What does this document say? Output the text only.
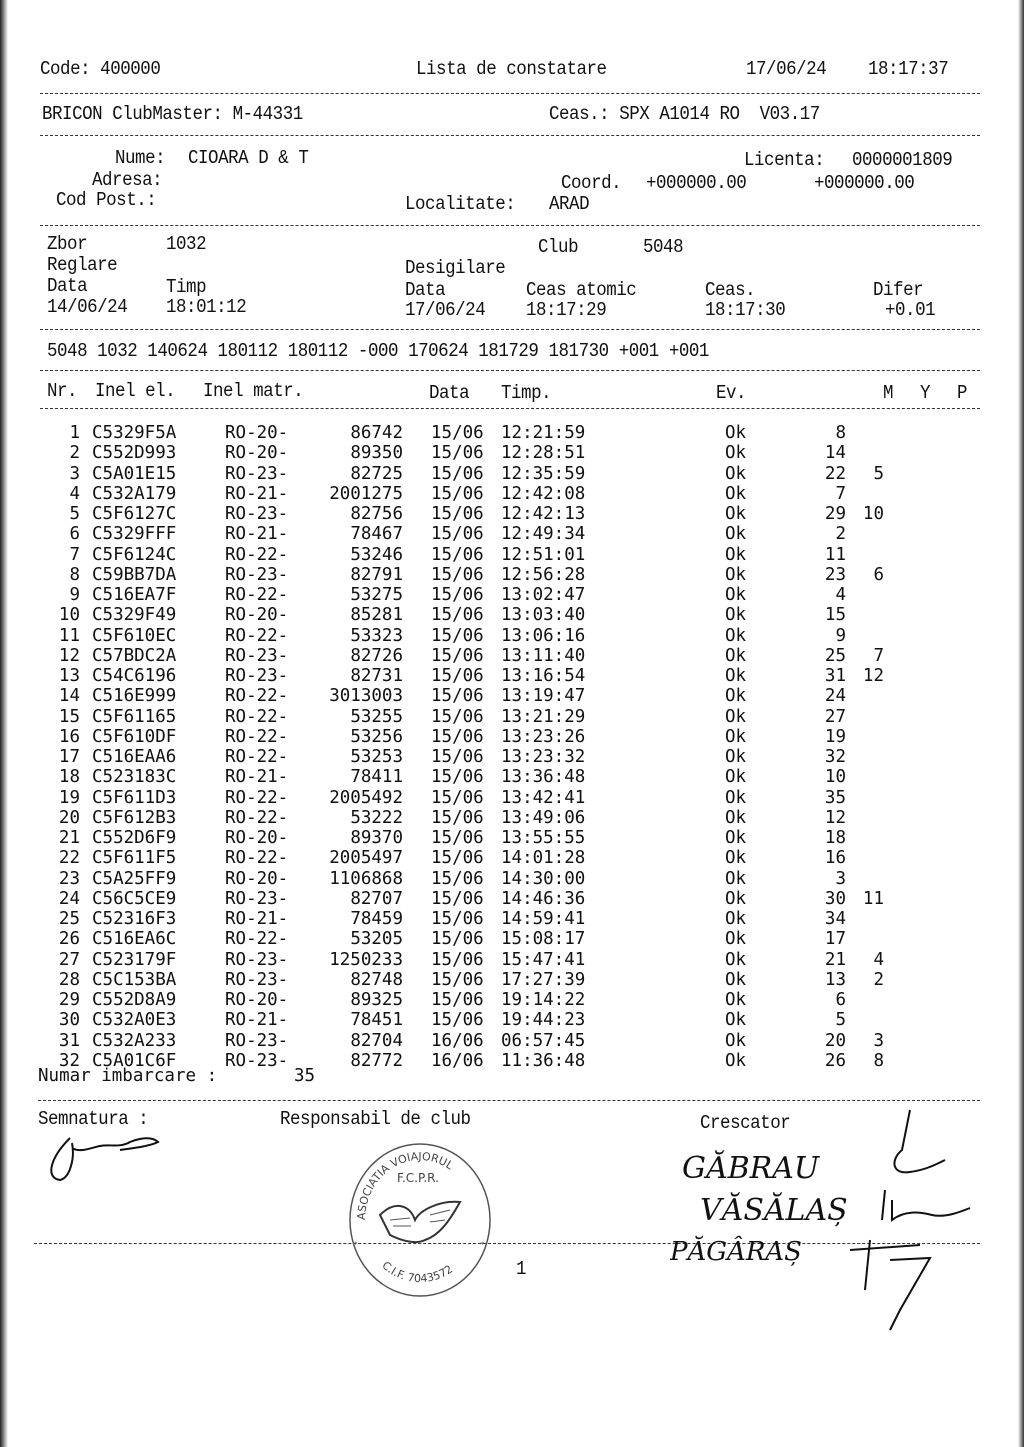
Code: 400000	Lista de constatare	17/06/24 18:17:37
BRICON ClubMaster: M-44331	Ceas.: SPX A1014 RO  V03.17
Nume: CIOARA D & T	Licenta: 0000001809
Adresa:	Coord. +000000.00	+000000.00
Cod Post.:	Localitate: ARAD
Zbor	1032	Club	5048
Reglare	Desigilare
Data	Timp	Data	Ceas atomic	Ceas.	Difer
14/06/24 18:01:12	17/06/24 18:17:29	18:17:30	+0.01
5048 1032 140624 180112 180112 -000 170624 181729 181730 +001 +001
Nr. Inel el. Inel matr.	Data Timp.	Ev.	M Y P
1 C5329F5A	RO-20-	86742 15/06 12:21:59	Ok	8
2 C552D993	RO-20-	89350 15/06 12:28:51	Ok	14
3 C5A01E15	RO-23-	82725 15/06 12:35:59	Ok	22	5
4 C532A179	RO-21-	2001275 15/06 12:42:08	Ok	7
5 C5F6127C	RO-23-	82756 15/06 12:42:13	Ok	29 10
6 C5329FFF	RO-21-	78467 15/06 12:49:34	Ok	2
7 C5F6124C	RO-22-	53246 15/06 12:51:01	Ok	11
8 C59BB7DA	RO-23-	82791 15/06 12:56:28	Ok	23	6
9 C516EA7F	RO-22-	53275 15/06 13:02:47	Ok	4
10 C5329F49	RO-20-	85281 15/06 13:03:40	Ok	15
11 C5F610EC	RO-22-	53323 15/06 13:06:16	Ok	9
12 C57BDC2A	RO-23-	82726 15/06 13:11:40	Ok	25	7
13 C54C6196	RO-23-	82731 15/06 13:16:54	Ok	31 12
14 C516E999	RO-22-	3013003 15/06 13:19:47	Ok	24
15 C5F61165	RO-22-	53255 15/06 13:21:29	Ok	27
16 C5F610DF	RO-22-	53256 15/06 13:23:26	Ok	19
17 C516EAA6	RO-22-	53253 15/06 13:23:32	Ok	32
18 C523183C	RO-21-	78411 15/06 13:36:48	Ok	10
19 C5F611D3	RO-22-	2005492 15/06 13:42:41	Ok	35
20 C5F612B3	RO-22-	53222 15/06 13:49:06	Ok	12
21 C552D6F9	RO-20-	89370 15/06 13:55:55	Ok	18
22 C5F611F5	RO-22-	2005497 15/06 14:01:28	Ok	16
23 C5A25FF9	RO-20-	1106868 15/06 14:30:00	Ok	3
24 C56C5CE9	RO-23-	82707 15/06 14:46:36	Ok	30 11
25 C52316F3	RO-21-	78459 15/06 14:59:41	Ok	34
26 C516EA6C	RO-22-	53205 15/06 15:08:17	Ok	17
27 C523179F	RO-23-	1250233 15/06 15:47:41	Ok	21	4
28 C5C153BA	RO-23-	82748 15/06 17:27:39	Ok	13	2
29 C552D8A9	RO-20-	89325 15/06 19:14:22	Ok	6
30 C532A0E3	RO-21-	78451 15/06 19:44:23	Ok	5
31 C532A233	RO-23-	82704 16/06 06:57:45	Ok	20	3
32 C5A01C6F	RO-23-	82772 16/06 11:36:48	Ok	26	8
Numar imbarcare :	35
Semnatura :	Responsabil de club	Crescator
1
ASOCIATIA VOIAJORUL
F.C.P.R.
C.I.F. 7043572
*	*
GĂBRAU
VĂSĂLAȘ
PĂGÂRAȘ
